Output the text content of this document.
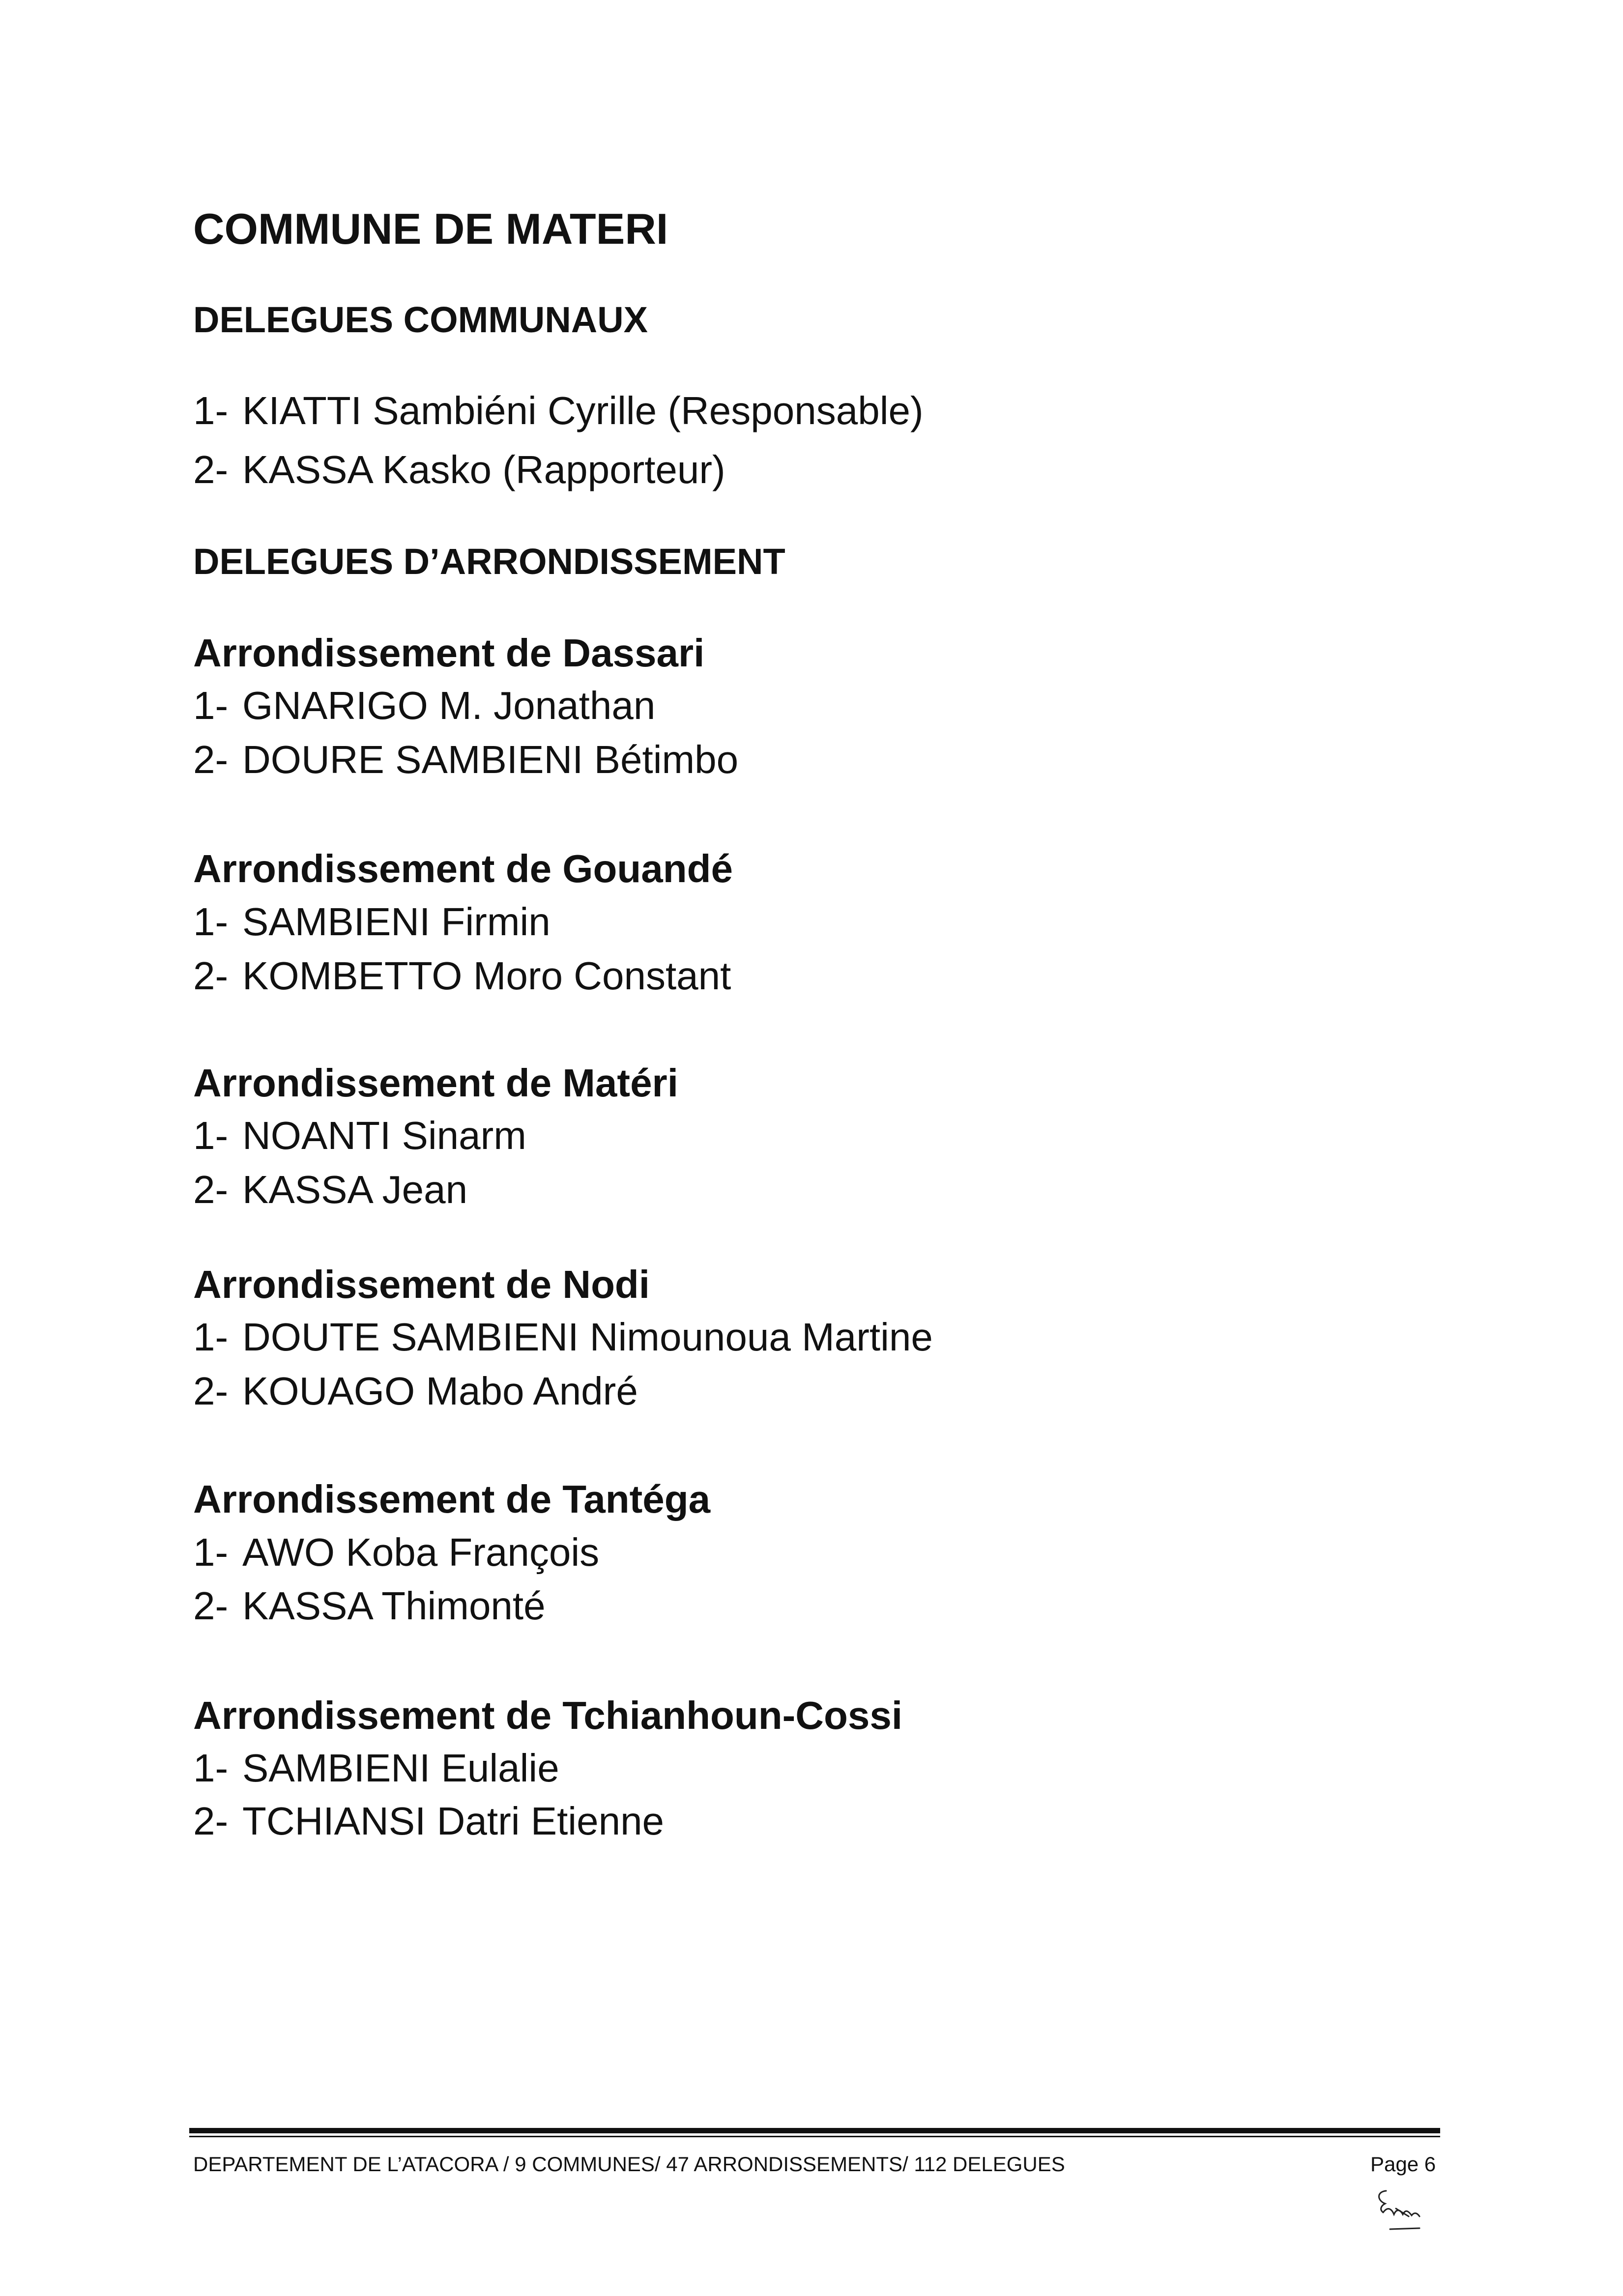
COMMUNE DE MATERI
DELEGUES COMMUNAUX
1- KIATTI Sambiéni Cyrille (Responsable)
2- KASSA Kasko (Rapporteur)
DELEGUES D’ARRONDISSEMENT
Arrondissement de Dassari
1- GNARIGO M. Jonathan
2- DOURE SAMBIENI Bétimbo
Arrondissement de Gouandé
1- SAMBIENI Firmin
2- KOMBETTO Moro Constant
Arrondissement de Matéri
1- NOANTI Sinarm
2- KASSA Jean
Arrondissement de Nodi
1- DOUTE SAMBIENI Nimounoua Martine
2- KOUAGO Mabo André
Arrondissement de Tantéga
1- AWO Koba François
2- KASSA Thimonté
Arrondissement de Tchianhoun-Cossi
1- SAMBIENI Eulalie
2- TCHIANSI Datri Etienne
DEPARTEMENT DE L’ATACORA / 9 COMMUNES/ 47 ARRONDISSEMENTS/ 112 DELEGUES	Page 6
